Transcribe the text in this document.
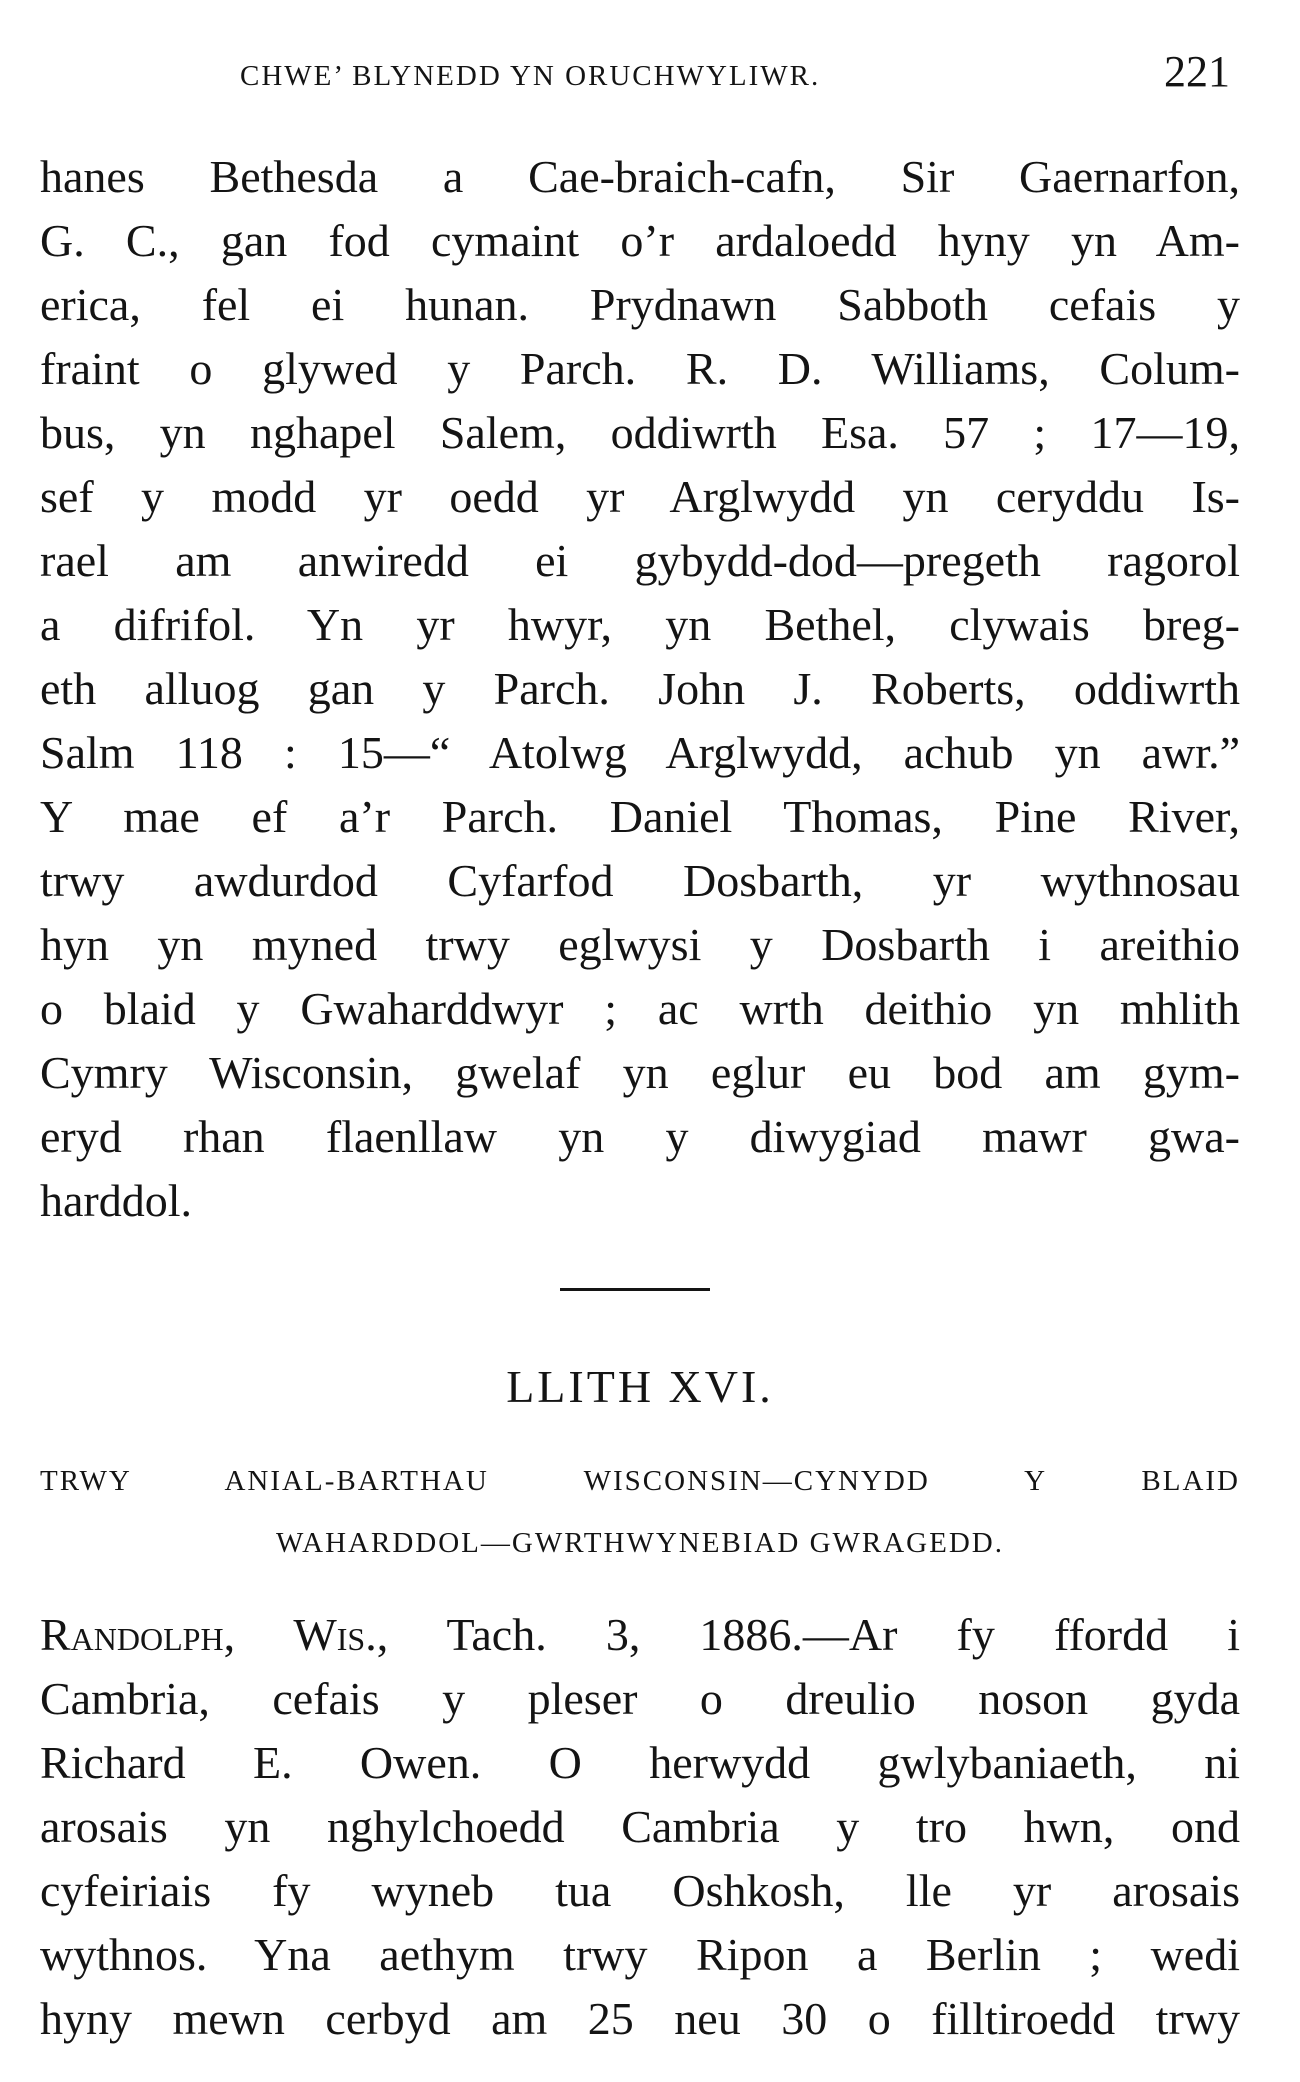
CHWE’ BLYNEDD YN ORUCHWYLIWR.	221
hanes Bethesda a Cae-braich-cafn, Sir Gaernarfon,
G. C., gan fod cymaint o’r ardaloedd hyny yn Am-
erica, fel ei hunan. Prydnawn Sabboth cefais y
fraint o glywed y Parch. R. D. Williams, Colum-
bus, yn nghapel Salem, oddiwrth Esa. 57 ; 17—19,
sef y modd yr oedd yr Arglwydd yn ceryddu Is-
rael am anwiredd ei gybydd-dod—pregeth ragorol
a difrifol. Yn yr hwyr, yn Bethel, clywais breg-
eth alluog gan y Parch. John J. Roberts, oddiwrth
Salm 118 : 15—“ Atolwg Arglwydd, achub yn awr.”
Y mae ef a’r Parch. Daniel Thomas, Pine River,
trwy awdurdod Cyfarfod Dosbarth, yr wythnosau
hyn yn myned trwy eglwysi y Dosbarth i areithio
o blaid y Gwaharddwyr ; ac wrth deithio yn mhlith
Cymry Wisconsin, gwelaf yn eglur eu bod am gym-
eryd rhan flaenllaw yn y diwygiad mawr gwa-
harddol.
LLITH XVI.
TRWY ANIAL-BARTHAU WISCONSIN—CYNYDD Y BLAID
WAHARDDOL—GWRTHWYNEBIAD GWRAGEDD.
Randolph, Wis., Tach. 3, 1886.—Ar fy ffordd i
Cambria, cefais y pleser o dreulio noson gyda
Richard E. Owen. O herwydd gwlybaniaeth, ni
arosais yn nghylchoedd Cambria y tro hwn, ond
cyfeiriais fy wyneb tua Oshkosh, lle yr arosais
wythnos. Yna aethym trwy Ripon a Berlin ; wedi
hyny mewn cerbyd am 25 neu 30 o filltiroedd trwy
